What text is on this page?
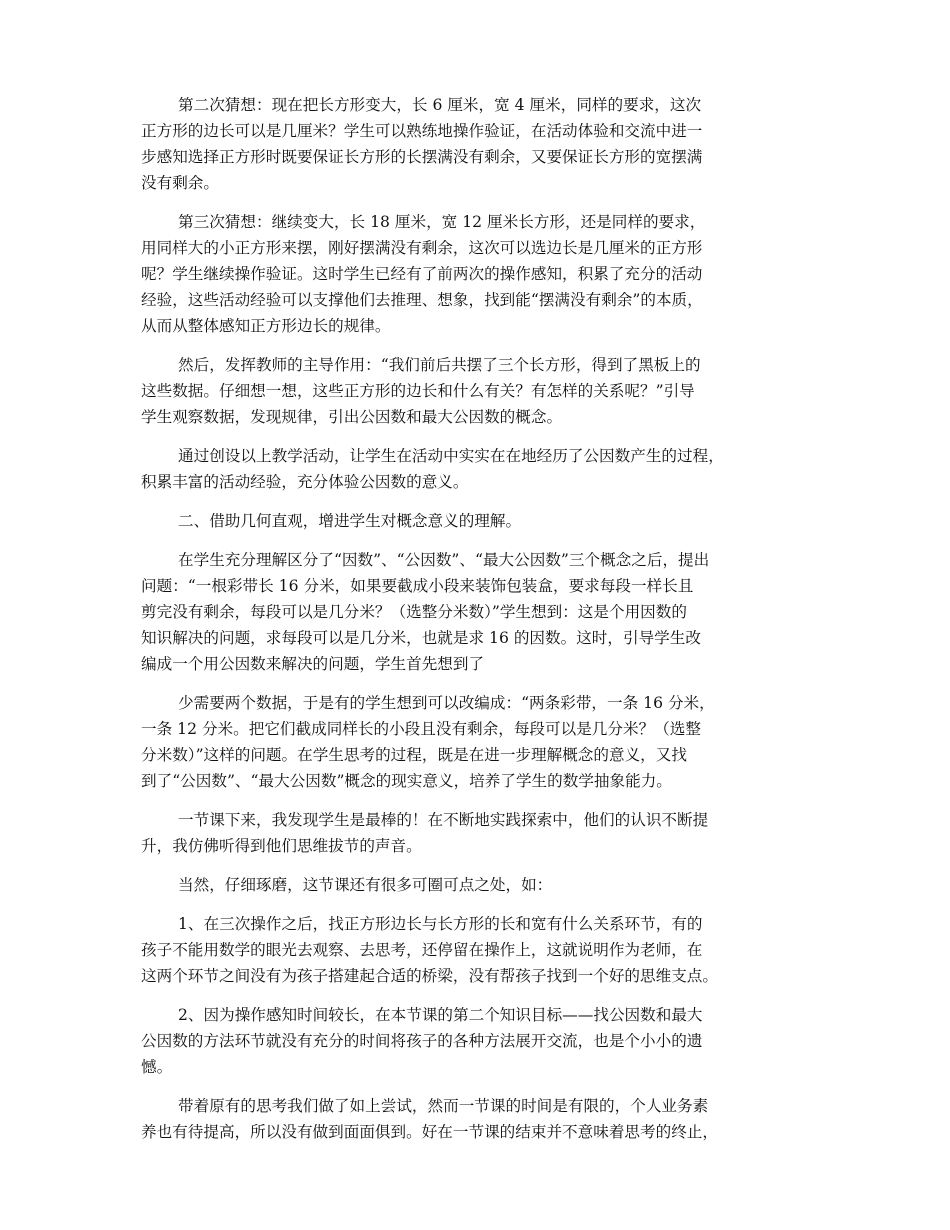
第二次猜想：现在把长方形变大，长 6 厘米，宽 4 厘米，同样的要求，这次
正方形的边长可以是几厘米？学生可以熟练地操作验证，在活动体验和交流中进一
步感知选择正方形时既要保证长方形的长摆满没有剩余，又要保证长方形的宽摆满
没有剩余。
第三次猜想：继续变大，长 18 厘米，宽 12 厘米长方形，还是同样的要求，
用同样大的小正方形来摆，刚好摆满没有剩余，这次可以选边长是几厘米的正方形
呢？学生继续操作验证。这时学生已经有了前两次的操作感知，积累了充分的活动
经验，这些活动经验可以支撑他们去推理、想象，找到能“摆满没有剩余”的本质，
从而从整体感知正方形边长的规律。
然后，发挥教师的主导作用：“我们前后共摆了三个长方形，得到了黑板上的
这些数据。仔细想一想，这些正方形的边长和什么有关？有怎样的关系呢？”引导
学生观察数据，发现规律，引出公因数和最大公因数的概念。
通过创设以上教学活动，让学生在活动中实实在在地经历了公因数产生的过程，
积累丰富的活动经验，充分体验公因数的意义。
二、借助几何直观，增进学生对概念意义的理解。
在学生充分理解区分了“因数”、“公因数”、“最大公因数”三个概念之后，提出
问题：“一根彩带长 16 分米，如果要截成小段来装饰包装盒，要求每段一样长且
剪完没有剩余，每段可以是几分米？（选整分米数）”学生想到：这是个用因数的
知识解决的问题，求每段可以是几分米，也就是求 16 的因数。这时，引导学生改
编成一个用公因数来解决的问题，学生首先想到了
少需要两个数据，于是有的学生想到可以改编成：“两条彩带，一条 16 分米，
一条 12 分米。把它们截成同样长的小段且没有剩余，每段可以是几分米？（选整
分米数）”这样的问题。在学生思考的过程，既是在进一步理解概念的意义，又找
到了“公因数”、“最大公因数”概念的现实意义，培养了学生的数学抽象能力。
一节课下来，我发现学生是最棒的！在不断地实践探索中，他们的认识不断提
升，我仿佛听得到他们思维拔节的声音。
当然，仔细琢磨，这节课还有很多可圈可点之处，如：
1、在三次操作之后，找正方形边长与长方形的长和宽有什么关系环节，有的
孩子不能用数学的眼光去观察、去思考，还停留在操作上，这就说明作为老师，在
这两个环节之间没有为孩子搭建起合适的桥梁，没有帮孩子找到一个好的思维支点。
2、因为操作感知时间较长，在本节课的第二个知识目标——找公因数和最大
公因数的方法环节就没有充分的时间将孩子的各种方法展开交流，也是个小小的遗
憾。
带着原有的思考我们做了如上尝试，然而一节课的时间是有限的，个人业务素
养也有待提高，所以没有做到面面俱到。好在一节课的结束并不意味着思考的终止，
